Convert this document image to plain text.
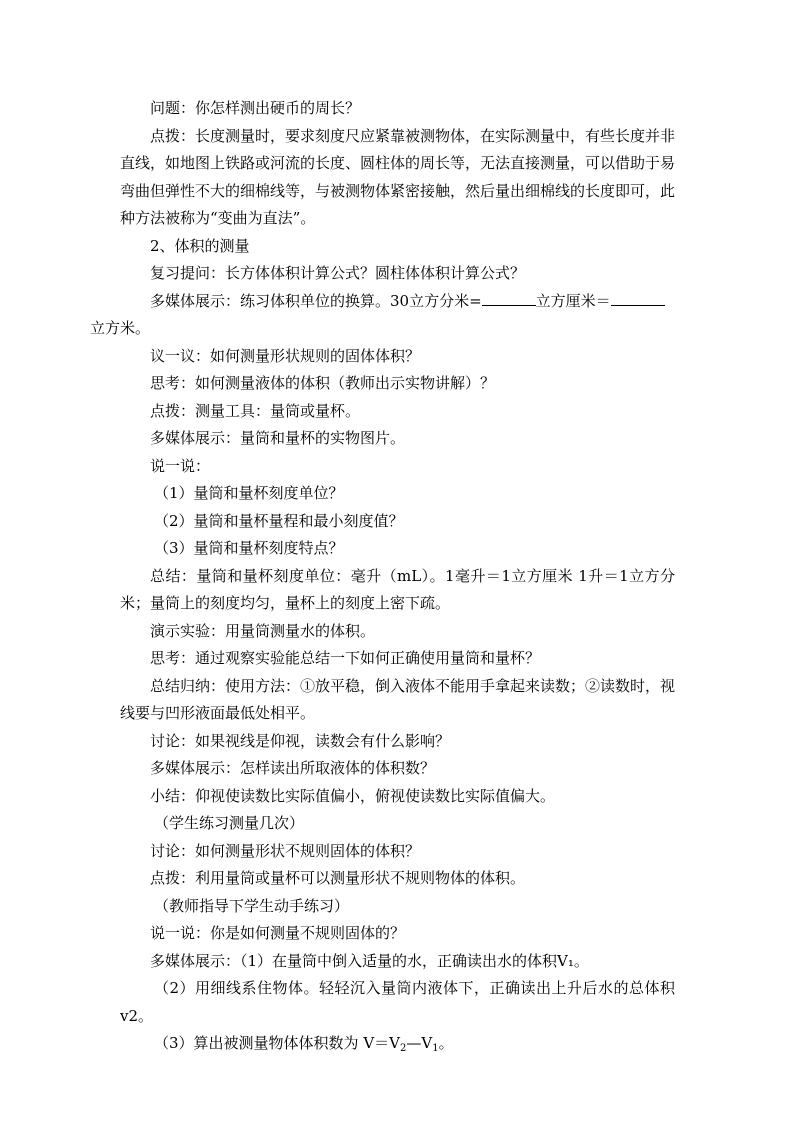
问题：你怎样测出硬币的周长？

点拨：长度测量时，要求刻度尺应紧靠被测物体，在实际测量中，有些长度并非直线，如地图上铁路或河流的长度、圆柱体的周长等，无法直接测量，可以借助于易弯曲但弹性不大的细棉线等，与被测物体紧密接触，然后量出细棉线的长度即可，此种方法被称为“变曲为直法”。

2、体积的测量

复习提问：长方体体积计算公式？圆柱体体积计算公式？

多媒体展示：练习体积单位的换算。30立方分米=	立方厘米＝
立方米。

议一议：如何测量形状规则的固体体积？

思考：如何测量液体的体积（教师出示实物讲解）？

点拨：测量工具：量筒或量杯。

多媒体展示：量筒和量杯的实物图片。

说一说：

（1）量筒和量杯刻度单位？

（2）量筒和量杯量程和最小刻度值？

（3）量筒和量杯刻度特点？

总结：量筒和量杯刻度单位：毫升（mL）。1毫升＝1立方厘米 1升＝1立方分米；量筒上的刻度均匀，量杯上的刻度上密下疏。

演示实验：用量筒测量水的体积。

思考：通过观察实验能总结一下如何正确使用量筒和量杯？

总结归纳：使用方法：①放平稳，倒入液体不能用手拿起来读数；②读数时，视线要与凹形液面最低处相平。

讨论：如果视线是仰视，读数会有什么影响？

多媒体展示：怎样读出所取液体的体积数？

小结：仰视使读数比实际值偏小，俯视使读数比实际值偏大。

（学生练习测量几次）

讨论：如何测量形状不规则固体的体积？

点拨：利用量筒或量杯可以测量形状不规则物体的体积。

（教师指导下学生动手练习）

说一说：你是如何测量不规则固体的？

多媒体展示：（1）在量筒中倒入适量的水，正确读出水的体积V₁。

（2）用细线系住物体。轻轻沉入量筒内液体下，正确读出上升后水的总体积v2。

（3）算出被测量物体体积数为 $V=V_2—V_1$。
